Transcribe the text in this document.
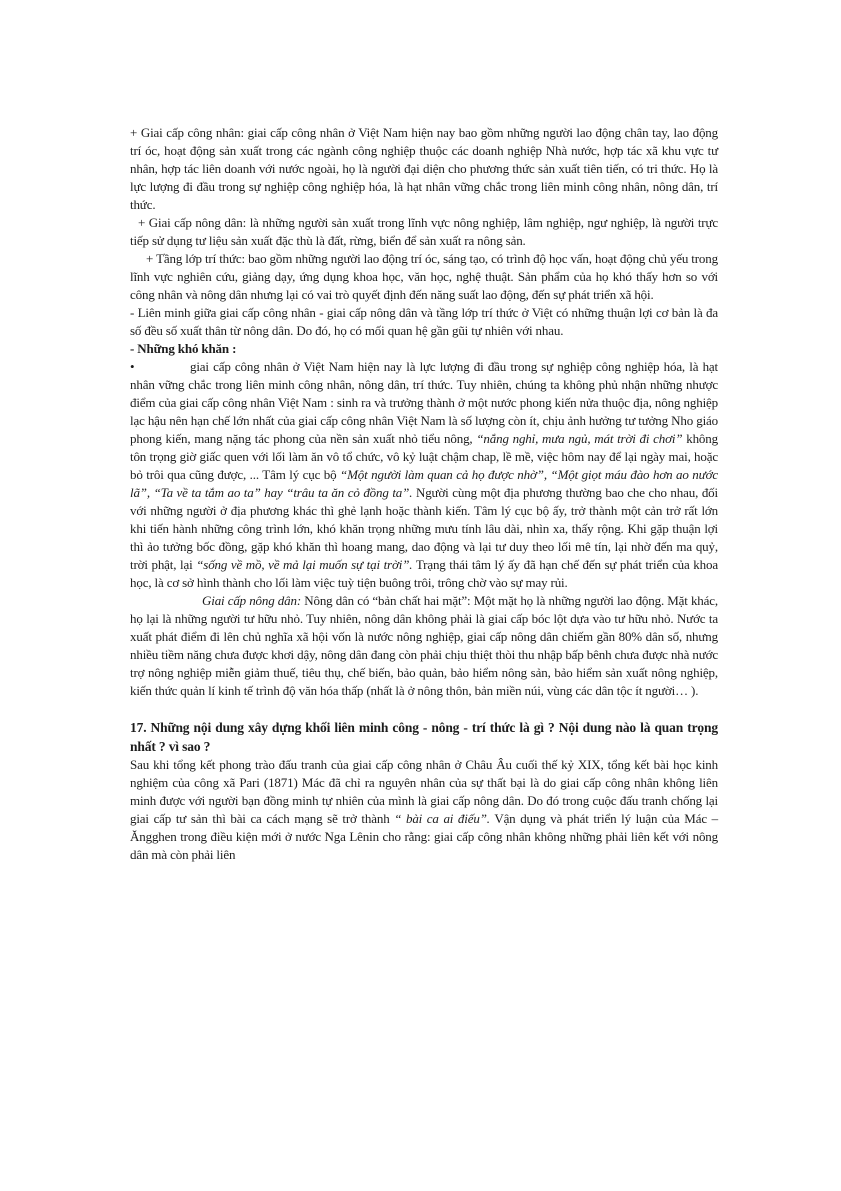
+ Giai cấp công nhân: giai cấp công nhân ở Việt Nam hiện nay bao gồm những người lao động chân tay, lao động trí óc, hoạt động sản xuất trong các ngành công nghiệp thuộc các doanh nghiệp Nhà nước, hợp tác xã khu vực tư nhân, hợp tác liên doanh với nước ngoài, họ là người đại diện cho phương thức sản xuất tiên tiến, có tri thức. Họ là lực lượng đi đầu trong sự nghiệp công nghiệp hóa, là hạt nhân vững chắc trong liên minh công nhân, nông dân, trí thức.

+ Giai cấp nông dân: là những người sản xuất trong lĩnh vực nông nghiệp, lâm nghiệp, ngư nghiệp, là người trực tiếp sử dụng tư liệu sản xuất đặc thù là đất, rừng, biển để sản xuất ra nông sản.

+ Tầng lớp trí thức: bao gồm những người lao động trí óc, sáng tạo, có trình độ học vấn, hoạt động chủ yếu trong lĩnh vực nghiên cứu, giảng dạy, ứng dụng khoa học, văn học, nghệ thuật. Sản phẩm của họ khó thấy hơn so với công nhân và nông dân nhưng lại có vai trò quyết định đến năng suất lao động, đến sự phát triển xã hội.

- Liên minh giữa giai cấp công nhân - giai cấp nông dân và tầng lớp trí thức ở Việt có những thuận lợi cơ bản là đa số đều số xuất thân từ nông dân. Do đó, họ có mối quan hệ gần gũi tự nhiên với nhau.

- Những khó khăn :

•	giai cấp công nhân ở Việt Nam hiện nay là lực lượng đi đầu trong sự nghiệp công nghiệp hóa, là hạt nhân vững chắc trong liên minh công nhân, nông dân, trí thức. Tuy nhiên, chúng ta không phủ nhận những nhược điểm của giai cấp công nhân Việt Nam : sinh ra và trưởng thành ở một nước phong kiến nửa thuộc địa, nông nghiệp lạc hậu nên hạn chế lớn nhất của giai cấp công nhân Việt Nam là số lượng còn ít, chịu ảnh hưởng tư tưởng Nho giáo phong kiến, mang nặng tác phong của nền sản xuất nhỏ tiểu nông, “nắng nghỉ, mưa ngủ, mát trời đi chơi” không tôn trọng giờ giấc quen với lối làm ăn vô tổ chức, vô kỷ luật chậm chap, lề mề, việc hôm nay để lại ngày mai, hoặc bỏ trôi qua cũng được, ... Tâm lý cục bộ “Một người làm quan cả họ được nhờ”, “Một giọt máu đào hơn ao nước lã”, “Ta về ta tắm ao ta” hay “trâu ta ăn cỏ đồng ta”. Người cùng một địa phương thường bao che cho nhau, đối với những người ở địa phương khác thì ghẻ lạnh hoặc thành kiến. Tâm lý cục bộ ấy, trở thành một cản trở rất lớn khi tiến hành những công trình lớn, khó khăn trọng những mưu tính lâu dài, nhìn xa, thấy rộng. Khi gặp thuận lợi thì ảo tưởng bốc đồng, gặp khó khăn thì hoang mang, dao động và lại tư duy theo lối mê tín, lại nhờ đến ma quỷ, trời phật, lại “sống về mồ, về mả lại muốn sự tại trời”. Trạng thái tâm lý ấy đã hạn chế đến sự phát triển của khoa học, là cơ sở hình thành cho lối làm việc tuỳ tiện buông trôi, trông chờ vào sự may rủi.

Giai cấp nông dân: Nông dân có “bản chất hai mặt”: Một mặt họ là những người lao động. Mặt khác, họ lại là những người tư hữu nhỏ. Tuy nhiên, nông dân không phải là giai cấp bóc lột dựa vào tư hữu nhỏ. Nước ta xuất phát điểm đi lên chủ nghĩa xã hội vốn là nước nông nghiệp, giai cấp nông dân chiếm gần 80% dân số, nhưng nhiều tiềm năng chưa được khơi dậy, nông dân đang còn phải chịu thiệt thòi thu nhập bấp bênh chưa được nhà nước trợ nông nghiệp miễn giảm thuế, tiêu thụ, chế biến, bảo quản, bảo hiểm nông sản, bảo hiểm sản xuất nông nghiệp, kiến thức quản lí kinh tế trình độ văn hóa thấp (nhất là ở nông thôn, bản miền núi, vùng các dân tộc ít người… ).

17. Những nội dung xây dựng khối liên minh công - nông - trí thức là gì ? Nội dung nào là quan trọng nhất ? vì sao ?

Sau khi tổng kết phong trào đấu tranh của giai cấp công nhân ở Châu Âu cuối thế kỷ XIX, tổng kết bài học kinh nghiệm của công xã Pari (1871) Mác đã chỉ ra nguyên nhân của sự thất bại là do giai cấp công nhân không liên minh được với người bạn đồng minh tự nhiên của mình là giai cấp nông dân. Do đó trong cuộc đấu tranh chống lại giai cấp tư sản thì bài ca cách mạng sẽ trở thành “ bài ca ai điếu”. Vận dụng và phát triển lý luận của Mác – Ăngghen trong điều kiện mới ở nước Nga Lênin cho rằng: giai cấp công nhân không những phải liên kết với nông dân mà còn phải liên
